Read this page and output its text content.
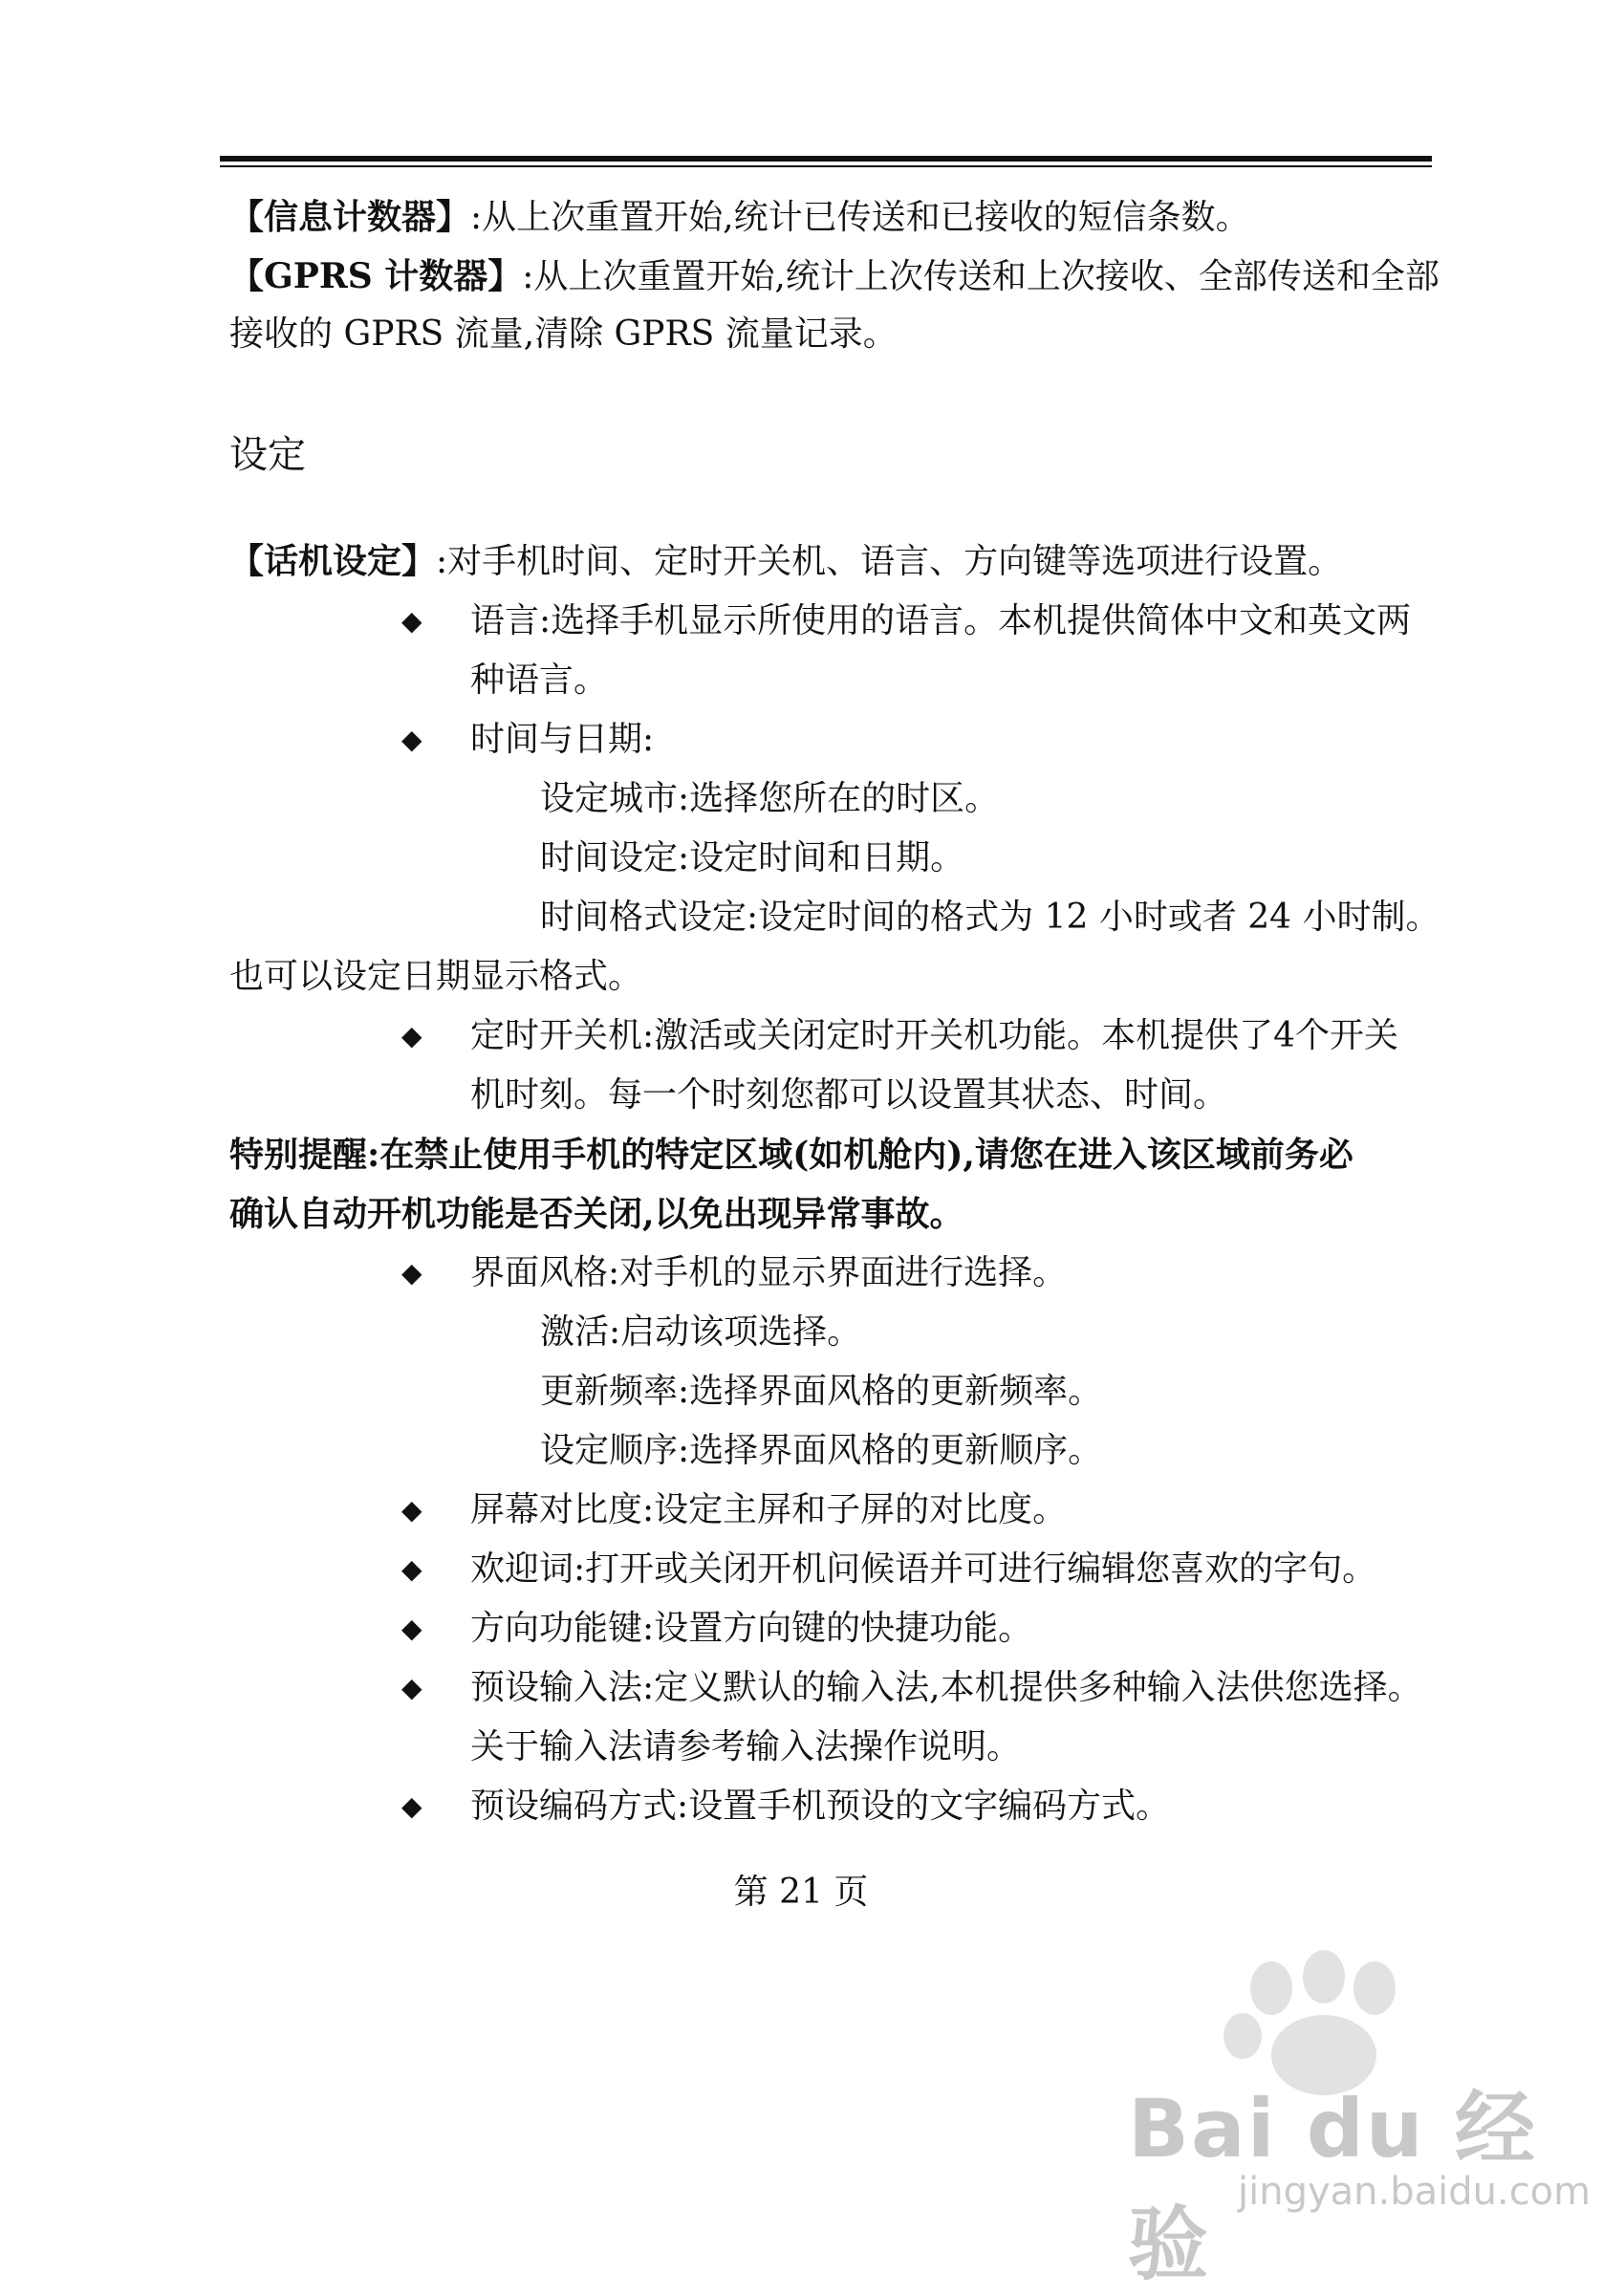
【信息计数器】:从上次重置开始,统计已传送和已接收的短信条数。
【GPRS 计数器】:从上次重置开始,统计上次传送和上次接收、全部传送和全部
接收的 GPRS 流量,清除 GPRS 流量记录。
设定
【话机设定】:对手机时间、定时开关机、语言、方向键等选项进行设置。
◆ 语言:选择手机显示所使用的语言。本机提供简体中文和英文两
种语言。
◆ 时间与日期:
设定城市:选择您所在的时区。
时间设定:设定时间和日期。
时间格式设定:设定时间的格式为 12 小时或者 24 小时制。
也可以设定日期显示格式。
◆ 定时开关机:激活或关闭定时开关机功能。本机提供了4个开关
机时刻。每一个时刻您都可以设置其状态、时间。
特别提醒:在禁止使用手机的特定区域(如机舱内),请您在进入该区域前务必
确认自动开机功能是否关闭,以免出现异常事故。
◆ 界面风格:对手机的显示界面进行选择。
激活:启动该项选择。
更新频率:选择界面风格的更新频率。
设定顺序:选择界面风格的更新顺序。
◆ 屏幕对比度:设定主屏和子屏的对比度。
◆ 欢迎词:打开或关闭开机问候语并可进行编辑您喜欢的字句。
◆ 方向功能键:设置方向键的快捷功能。
◆ 预设输入法:定义默认的输入法,本机提供多种输入法供您选择。
关于输入法请参考输入法操作说明。
◆ 预设编码方式:设置手机预设的文字编码方式。
第 21 页
Bai du 经验
jingyan.baidu.com
